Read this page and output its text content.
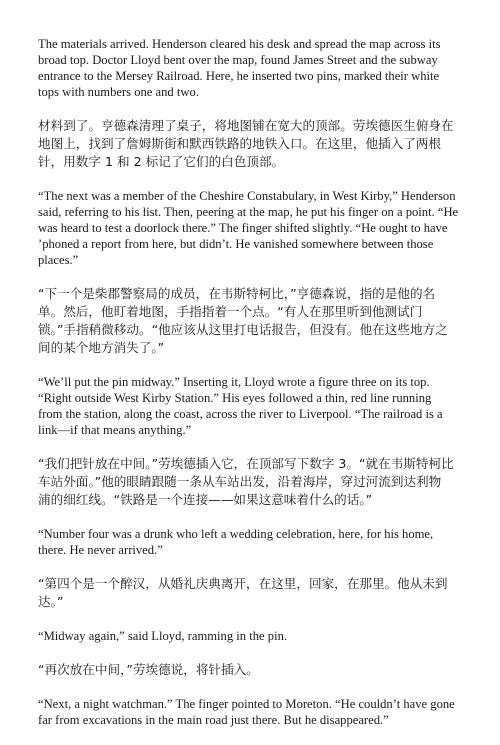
The materials arrived. Henderson cleared his desk and spread the map across its
broad top. Doctor Lloyd bent over the map, found James Street and the subway
entrance to the Mersey Railroad. Here, he inserted two pins, marked their white
tops with numbers one and two.

材料到了。亨德森清理了桌子，将地图铺在宽大的顶部。劳埃德医生俯身在
地图上，找到了詹姆斯街和默西铁路的地铁入口。在这里，他插入了两根
针，用数字 1 和 2 标记了它们的白色顶部。

“The next was a member of the Cheshire Constabulary, in West Kirby,” Henderson
said, referring to his list. Then, peering at the map, he put his finger on a point. “He
was heard to test a doorlock there.” The finger shifted slightly. “He ought to have
’phoned a report from here, but didn’t. He vanished somewhere between those
places.”

“下一个是柴郡警察局的成员，在韦斯特柯比，”亨德森说，指的是他的名
单。然后，他盯着地图，手指指着一个点。“有人在那里听到他测试门
锁。”手指稍微移动。“他应该从这里打电话报告，但没有。他在这些地方之
间的某个地方消失了。”

“We’ll put the pin midway.” Inserting it, Lloyd wrote a figure three on its top.
“Right outside West Kirby Station.” His eyes followed a thin, red line running
from the station, along the coast, across the river to Liverpool. “The railroad is a
link—if that means anything.”

“我们把针放在中间。”劳埃德插入它，在顶部写下数字 3。“就在韦斯特柯比
车站外面。”他的眼睛跟随一条从车站出发，沿着海岸，穿过河流到达利物
浦的细红线。“铁路是一个连接——如果这意味着什么的话。”

“Number four was a drunk who left a wedding celebration, here, for his home,
there. He never arrived.”

“第四个是一个醉汉，从婚礼庆典离开，在这里，回家，在那里。他从未到
达。”

“Midway again,” said Lloyd, ramming in the pin.

“再次放在中间，”劳埃德说，将针插入。

“Next, a night watchman.” The finger pointed to Moreton. “He couldn’t have gone
far from excavations in the main road just there. But he disappeared.”
